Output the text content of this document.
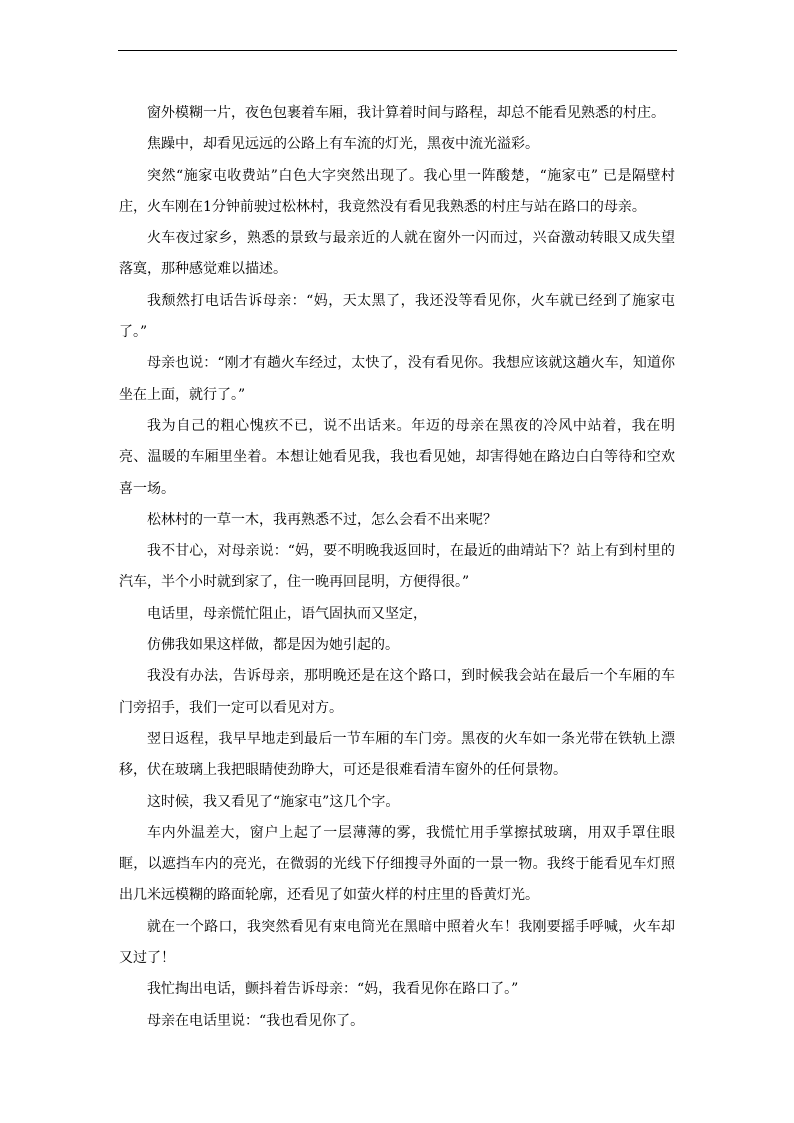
窗外模糊一片，夜色包裹着车厢，我计算着时间与路程，却总不能看见熟悉的村庄。

焦躁中，却看见远远的公路上有车流的灯光，黑夜中流光溢彩。

突然“施家屯收费站”白色大字突然出现了。我心里一阵酸楚，“施家屯” 已是隔壁村庄，火车刚在1分钟前驶过松林村，我竟然没有看见我熟悉的村庄与站在路口的母亲。

火车夜过家乡，熟悉的景致与最亲近的人就在窗外一闪而过，兴奋激动转眼又成失望落寞，那种感觉难以描述。

我颓然打电话告诉母亲：“妈，天太黑了，我还没等看见你，火车就已经到了施家屯了。”

母亲也说：“刚才有趟火车经过，太快了，没有看见你。我想应该就这趟火车，知道你坐在上面，就行了。”

我为自己的粗心愧疚不已，说不出话来。年迈的母亲在黑夜的冷风中站着，我在明亮、温暖的车厢里坐着。本想让她看见我，我也看见她，却害得她在路边白白等待和空欢喜一场。

松林村的一草一木，我再熟悉不过，怎么会看不出来呢？

我不甘心，对母亲说：“妈，要不明晚我返回时，在最近的曲靖站下？站上有到村里的汽车，半个小时就到家了，住一晚再回昆明，方便得很。”

电话里，母亲慌忙阻止，语气固执而又坚定，

仿佛我如果这样做，都是因为她引起的。

我没有办法，告诉母亲，那明晚还是在这个路口，到时候我会站在最后一个车厢的车门旁招手，我们一定可以看见对方。

翌日返程，我早早地走到最后一节车厢的车门旁。黑夜的火车如一条光带在铁轨上漂移，伏在玻璃上我把眼睛使劲睁大，可还是很难看清车窗外的任何景物。

这时候，我又看见了“施家屯”这几个字。

车内外温差大，窗户上起了一层薄薄的雾，我慌忙用手掌擦拭玻璃，用双手罩住眼眶，以遮挡车内的亮光，在微弱的光线下仔细搜寻外面的一景一物。我终于能看见车灯照出几米远模糊的路面轮廓，还看见了如萤火样的村庄里的昏黄灯光。

就在一个路口，我突然看见有束电筒光在黑暗中照着火车！我刚要摇手呼喊，火车却又过了！

我忙掏出电话，颤抖着告诉母亲：“妈，我看见你在路口了。”

母亲在电话里说：“我也看见你了。
